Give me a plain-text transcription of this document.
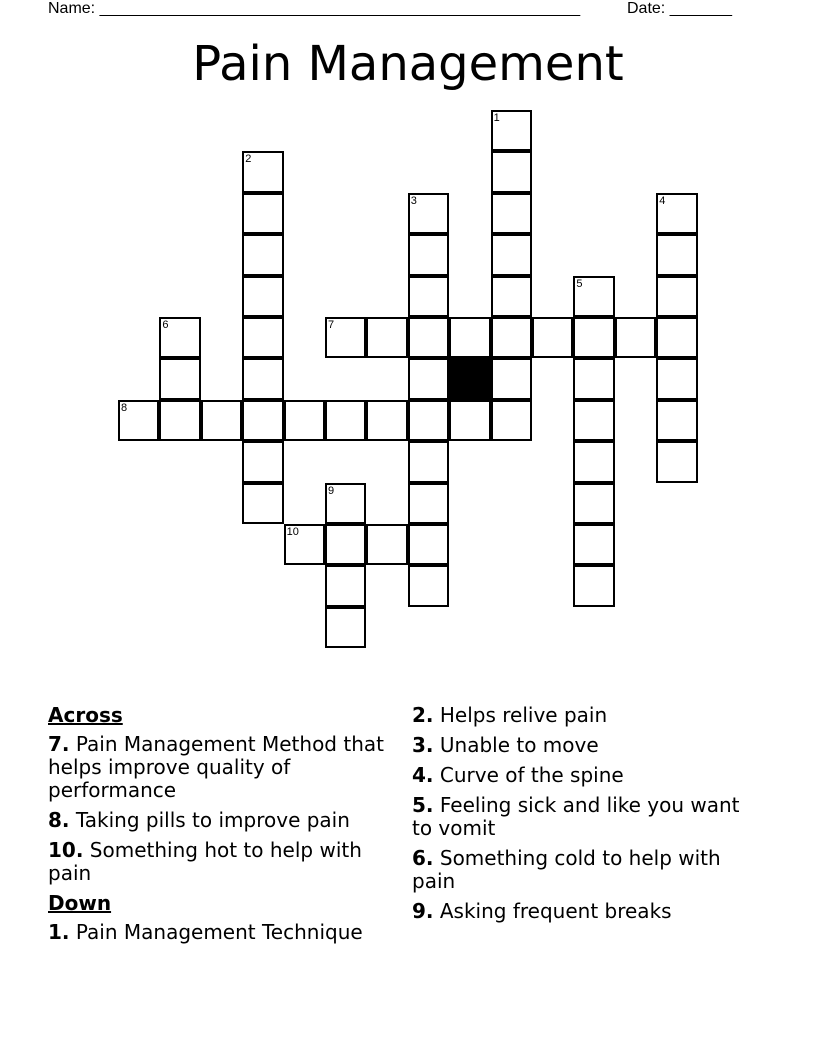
Name: ______________________________________________________	Date: _______
Pain Management
1
2
3	4
5
6	7
8
9
10
Across
7. Pain Management Method that helps improve quality of performance
8. Taking pills to improve pain
10. Something hot to help with pain
Down
1. Pain Management Technique
2. Helps relive pain
3. Unable to move
4. Curve of the spine
5. Feeling sick and like you want to vomit
6. Something cold to help with pain
9. Asking frequent breaks
